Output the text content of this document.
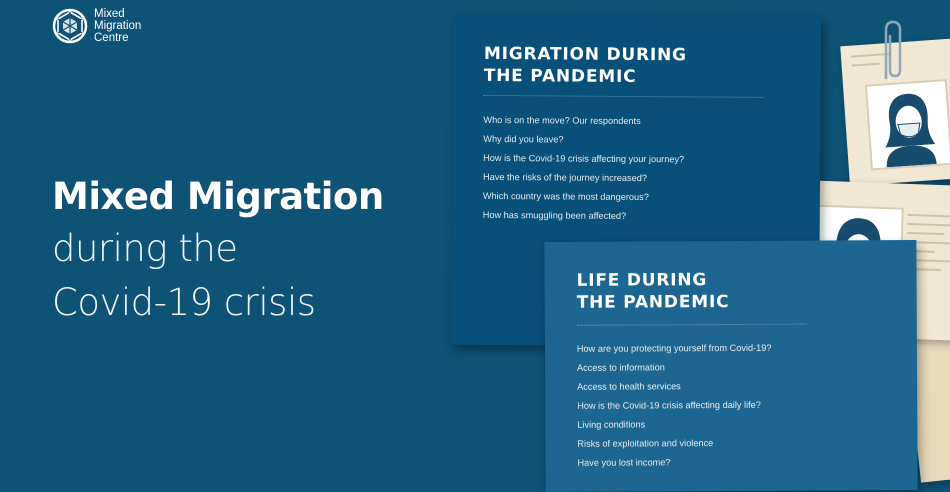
Mixed
Migration
Centre
Mixed Migration

during the

Covid-19 crisis

MIGRATION DURING
THE PANDEMIC
Who is on the move? Our respondents
Why did you leave?
How is the Covid-19 crisis affecting your journey?
Have the risks of the journey increased?
Which country was the most dangerous?
How has smuggling been affected?
LIFE DURING
THE PANDEMIC
How are you protecting yourself from Covid-19?
Access to information
Access to health services
How is the Covid-19 crisis affecting daily life?
Living conditions
Risks of exploitation and violence
Have you lost income?
